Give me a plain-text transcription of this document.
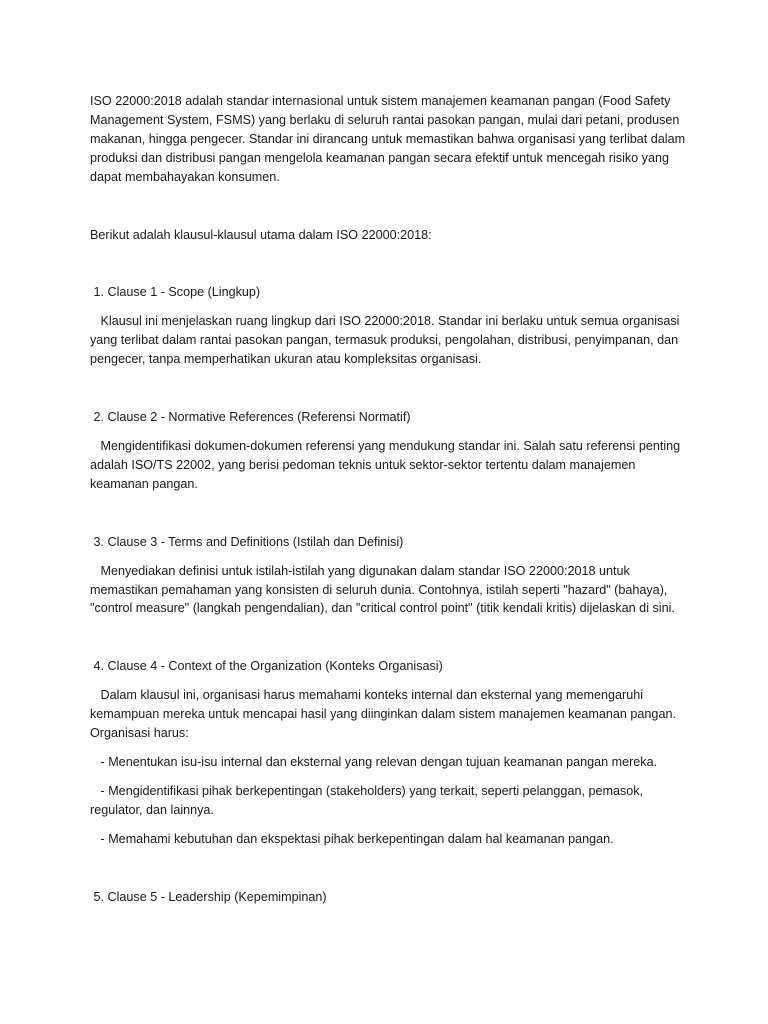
ISO 22000:2018 adalah standar internasional untuk sistem manajemen keamanan pangan (Food Safety Management System, FSMS) yang berlaku di seluruh rantai pasokan pangan, mulai dari petani, produsen makanan, hingga pengecer. Standar ini dirancang untuk memastikan bahwa organisasi yang terlibat dalam produksi dan distribusi pangan mengelola keamanan pangan secara efektif untuk mencegah risiko yang dapat membahayakan konsumen.

Berikut adalah klausul-klausul utama dalam ISO 22000:2018:

1. Clause 1 - Scope (Lingkup)

Klausul ini menjelaskan ruang lingkup dari ISO 22000:2018. Standar ini berlaku untuk semua organisasi yang terlibat dalam rantai pasokan pangan, termasuk produksi, pengolahan, distribusi, penyimpanan, dan pengecer, tanpa memperhatikan ukuran atau kompleksitas organisasi.

2. Clause 2 - Normative References (Referensi Normatif)

Mengidentifikasi dokumen-dokumen referensi yang mendukung standar ini. Salah satu referensi penting adalah ISO/TS 22002, yang berisi pedoman teknis untuk sektor-sektor tertentu dalam manajemen keamanan pangan.

3. Clause 3 - Terms and Definitions (Istilah dan Definisi)

Menyediakan definisi untuk istilah-istilah yang digunakan dalam standar ISO 22000:2018 untuk memastikan pemahaman yang konsisten di seluruh dunia. Contohnya, istilah seperti "hazard" (bahaya), "control measure" (langkah pengendalian), dan "critical control point" (titik kendali kritis) dijelaskan di sini.

4. Clause 4 - Context of the Organization (Konteks Organisasi)

Dalam klausul ini, organisasi harus memahami konteks internal dan eksternal yang memengaruhi kemampuan mereka untuk mencapai hasil yang diinginkan dalam sistem manajemen keamanan pangan. Organisasi harus:

- Menentukan isu-isu internal dan eksternal yang relevan dengan tujuan keamanan pangan mereka.

- Mengidentifikasi pihak berkepentingan (stakeholders) yang terkait, seperti pelanggan, pemasok, regulator, dan lainnya.

- Memahami kebutuhan dan ekspektasi pihak berkepentingan dalam hal keamanan pangan.

5. Clause 5 - Leadership (Kepemimpinan)
